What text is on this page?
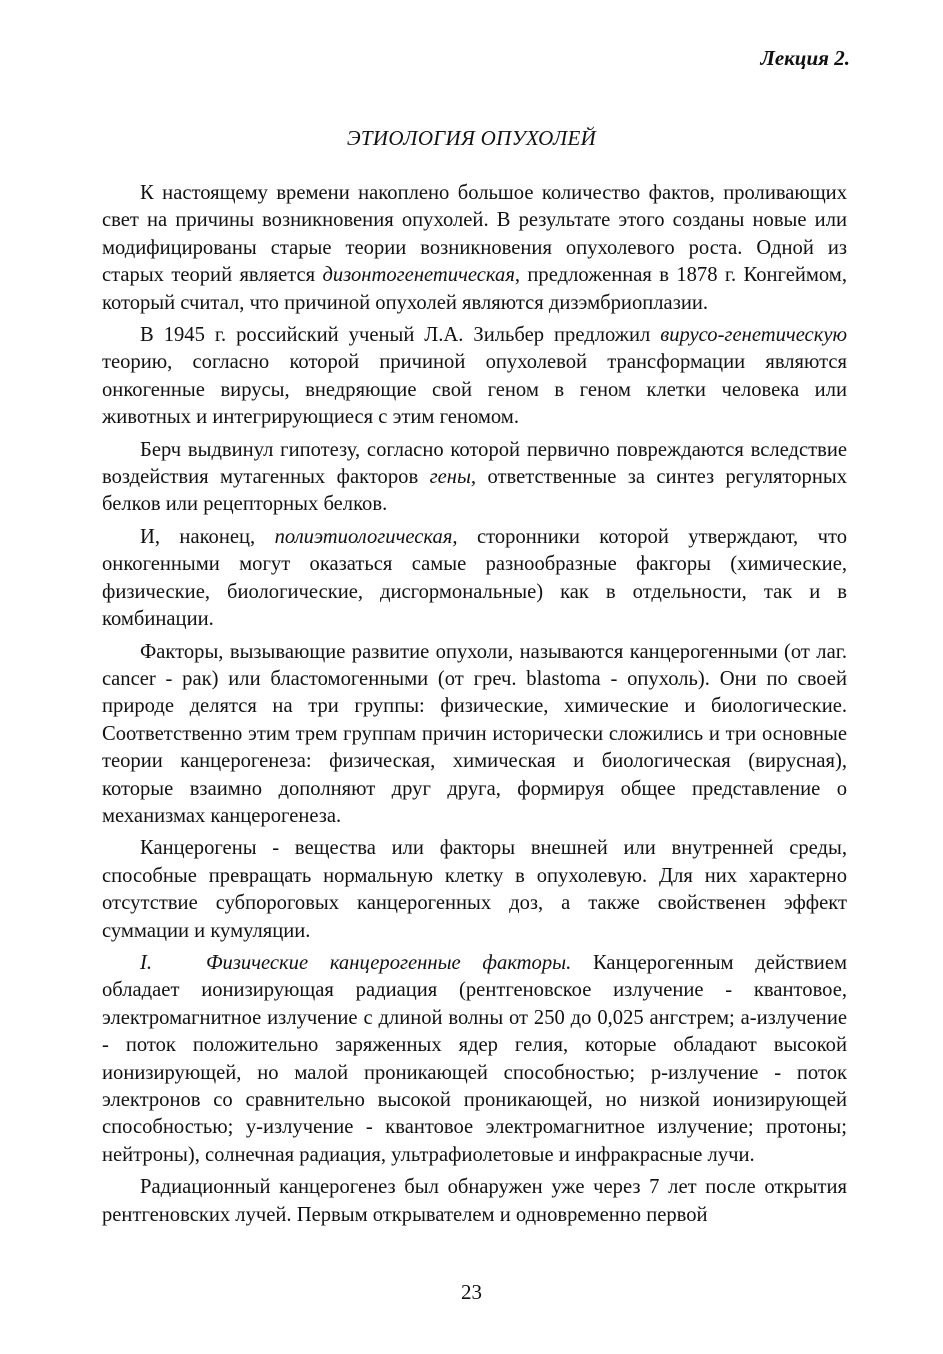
Лекция 2.

ЭТИОЛОГИЯ ОПУХОЛЕЙ

К настоящему времени накоплено большое количество фактов, проливающих свет на причины возникновения опухолей. В результате этого созданы новые или модифицированы старые теории возникновения опухолевого роста. Одной из старых теорий является дизонтогенетическая, предложенная в 1878 г. Конгеймом, который считал, что причиной опухолей являются дизэмбриоплазии.

В 1945 г. российский ученый Л.А. Зильбер предложил вирусо-генетическую теорию, согласно которой причиной опухолевой трансформации являются онкогенные вирусы, внедряющие свой геном в геном клетки человека или животных и интегрирующиеся с этим геномом.

Берч выдвинул гипотезу, согласно которой первично повреждаются вследствие воздействия мутагенных факторов гены, ответственные за синтез регуляторных белков или рецепторных белков.

И, наконец, полиэтиологическая, сторонники которой утверждают, что онкогенными могут оказаться самые разнообразные факгоры (химические, физические, биологические, дисгормональные) как в отдельности, так и в комбинации.

Факторы, вызывающие развитие опухоли, называются канцерогенными (от лаг. cancer - рак) или бластомогенными (от греч. blastoma - опухоль). Они по своей природе делятся на три группы: физические, химические и биологические. Соответственно этим трем группам причин исторически сложились и три основные теории канцерогенеза: физическая, химическая и биологическая (вирусная), которые взаимно дополняют друг друга, формируя общее представление о механизмах канцерогенеза.

Канцерогены - вещества или факторы внешней или внутренней среды, способные превращать нормальную клетку в опухолевую. Для них характерно отсутствие субпороговых канцерогенных доз, а также свойственен эффект суммации и кумуляции.

I.	Физические канцерогенные факторы. Канцерогенным действием обладает ионизирующая радиация (рентгеновское излучение - квантовое, электромагнитное излучение с длиной волны от 250 до 0,025 ангстрем; а-излучение - поток положительно заряженных ядер гелия, которые обладают высокой ионизирующей, но малой проникающей способностью; р-излучение - поток электронов со сравнительно высокой проникающей, но низкой ионизирующей способностью; у-излучение - квантовое электромагнитное излучение; протоны; нейтроны), солнечная радиация, ультрафиолетовые и инфракрасные лучи.

Радиационный канцерогенез был обнаружен уже через 7 лет после открытия рентгеновских лучей. Первым открывателем и одновременно первой

23
